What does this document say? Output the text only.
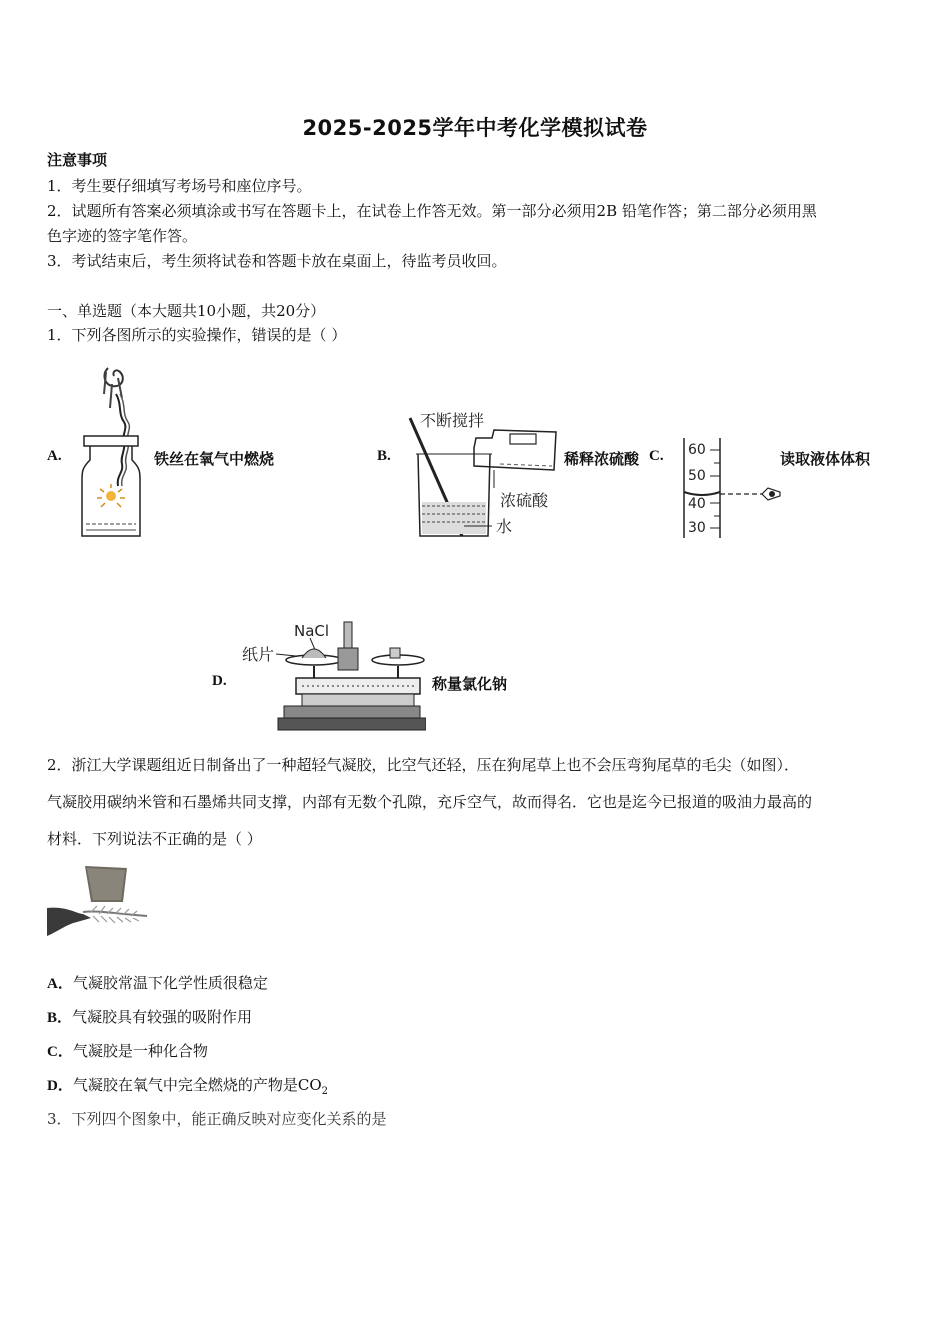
2025-2025学年中考化学模拟试卷
注意事项
1．考生要仔细填写考场号和座位序号。
2．试题所有答案必须填涂或书写在答题卡上，在试卷上作答无效。第一部分必须用2B 铅笔作答；第二部分必须用黑
色字迹的签字笔作答。
3．考试结束后，考生须将试卷和答题卡放在桌面上，待监考员收回。
一、单选题（本大题共10小题，共20分）
1．下列各图所示的实验操作，错误的是（ ）
A.	铁丝在氧气中燃烧	B.
不断搅拌
浓硫酸
水
稀释浓硫酸 C. 60
50
40
30
读取液体体积
D.
NaCl
纸片
称量氯化钠
2．浙江大学课题组近日制备出了一种超轻气凝胶，比空气还轻，压在狗尾草上也不会压弯狗尾草的毛尖（如图）．
气凝胶用碳纳米管和石墨烯共同支撑，内部有无数个孔隙，充斥空气，故而得名．它也是迄今已报道的吸油力最高的
材料．下列说法不正确的是（ ）
A．气凝胶常温下化学性质很稳定
B．气凝胶具有较强的吸附作用
C．气凝胶是一种化合物
D．气凝胶在氧气中完全燃烧的产物是$CO_2$
3．下列四个图象中，能正确反映对应变化关系的是
